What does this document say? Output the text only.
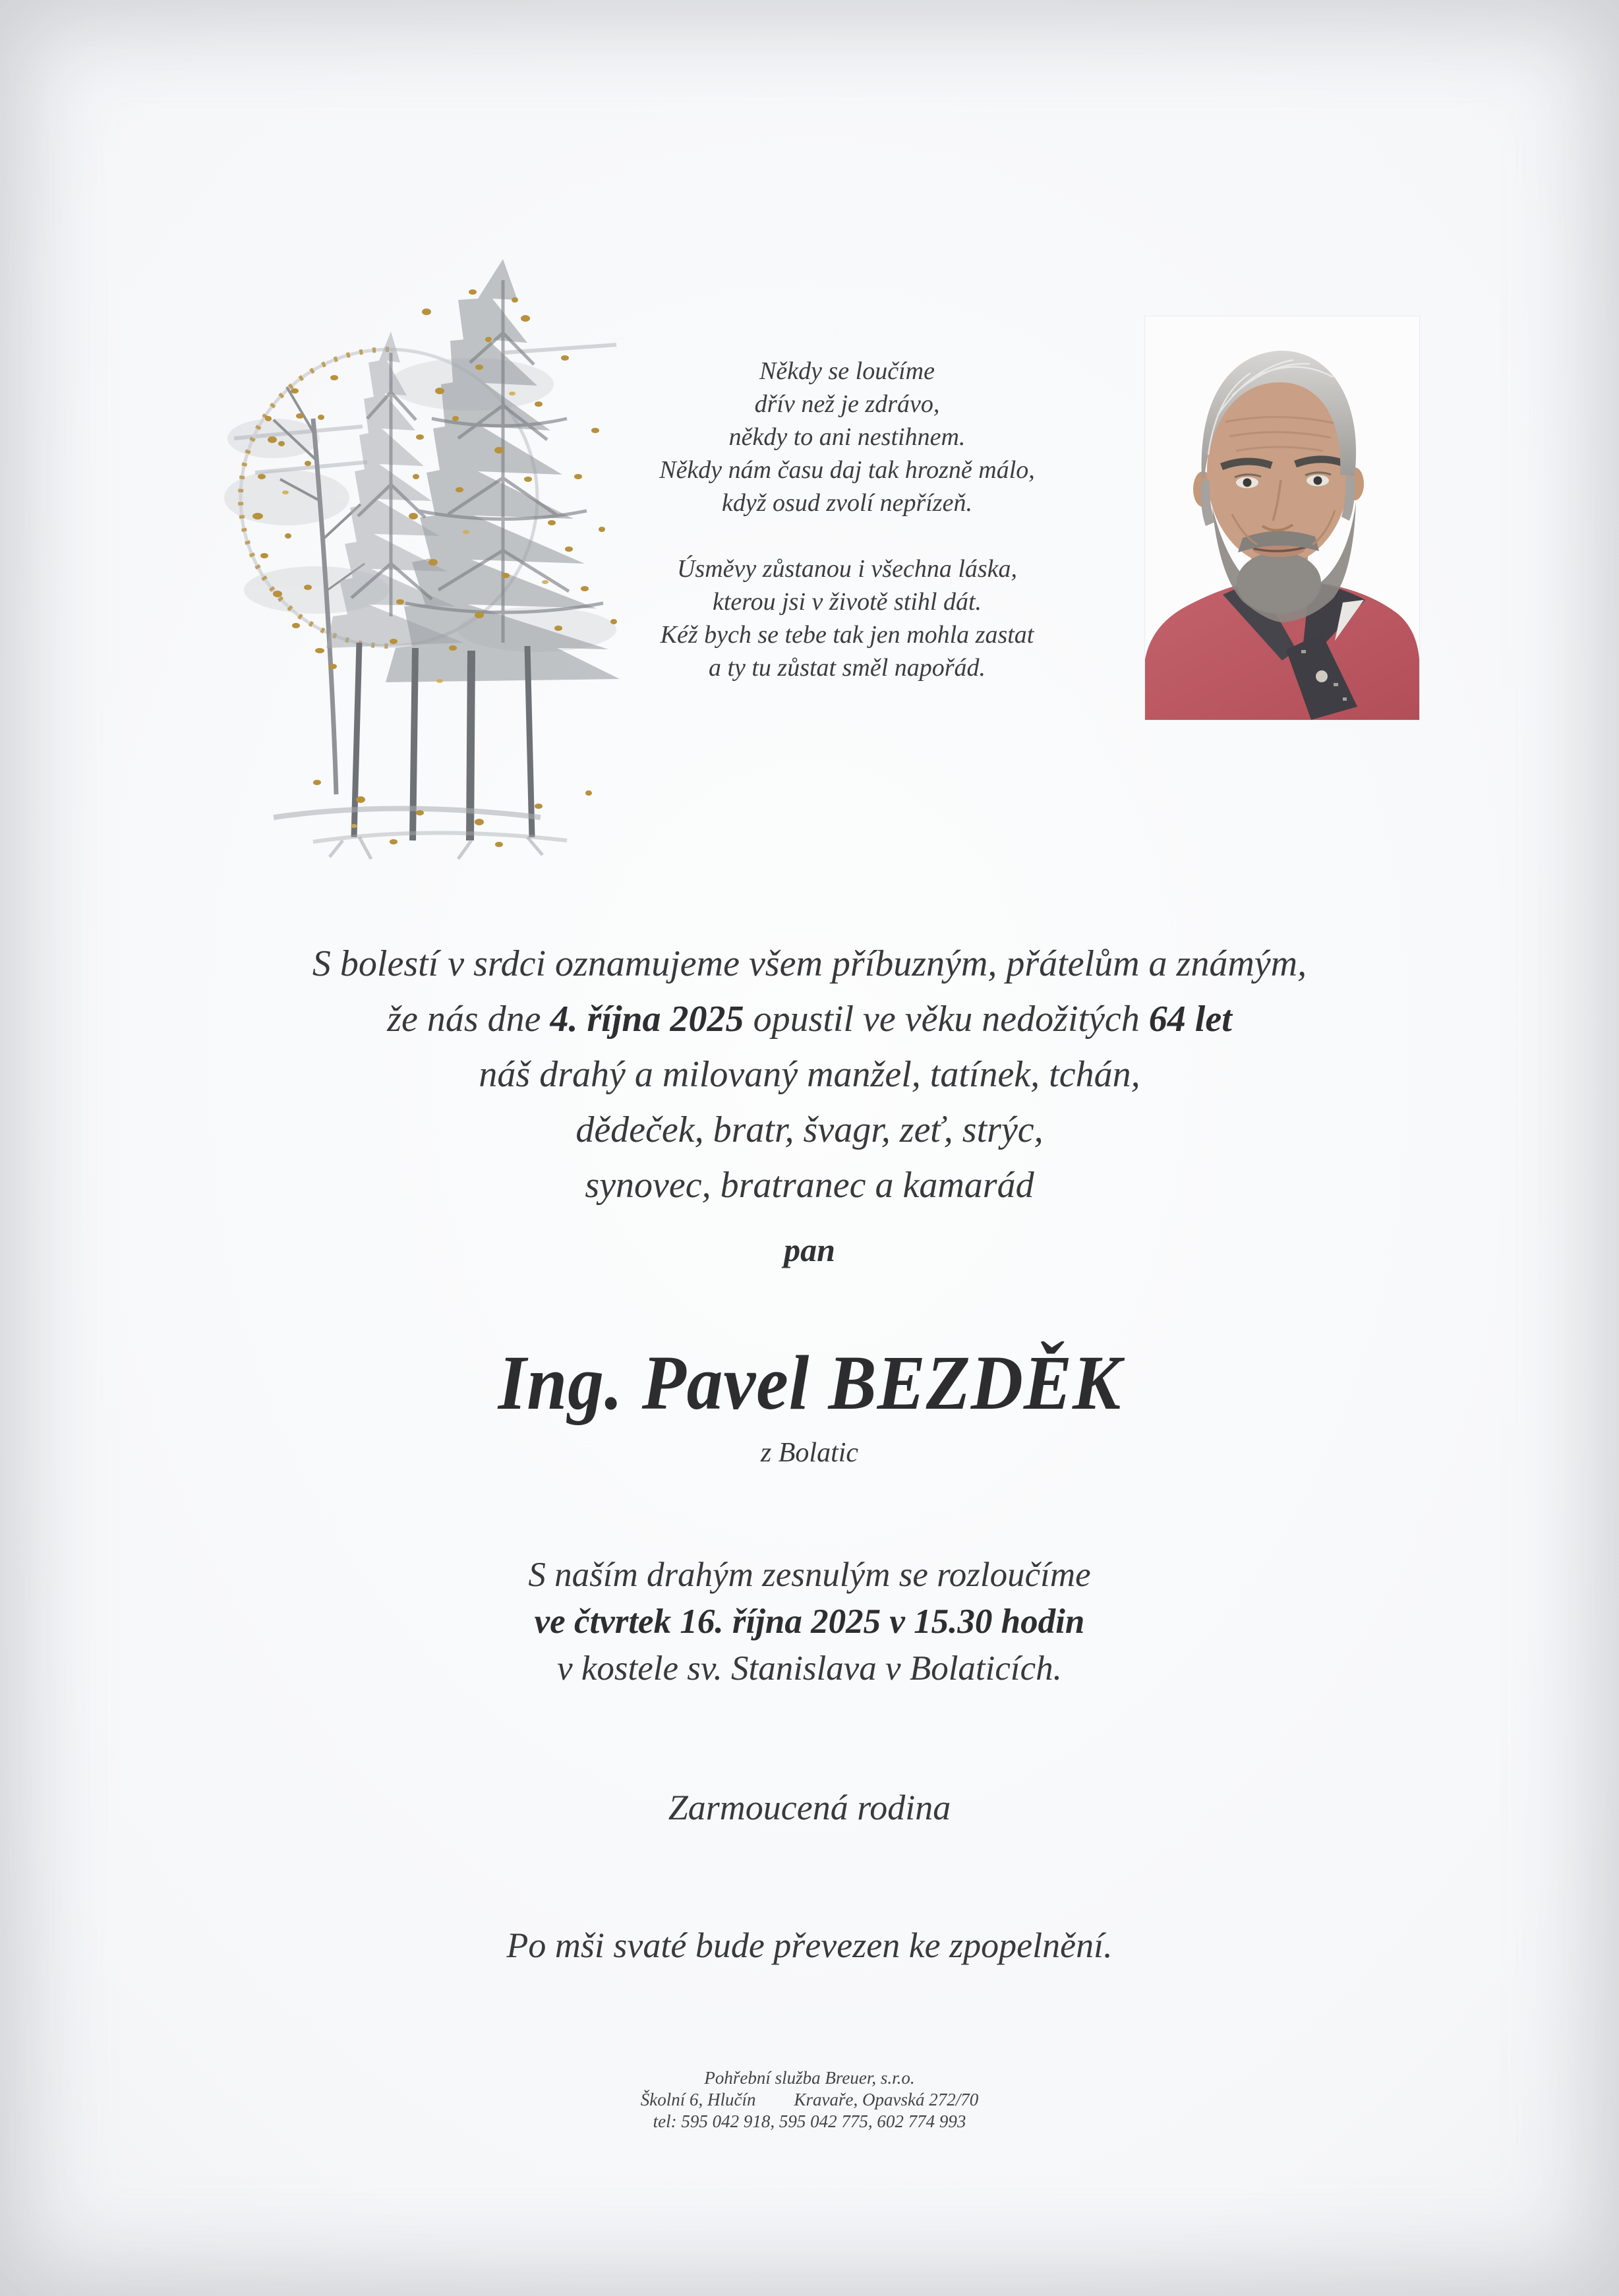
Někdy se loučíme

dřív než je zdrávo,

někdy to ani nestihnem.

Někdy nám času daj tak hrozně málo,

když osud zvolí nepřízeň.

Úsměvy zůstanou i všechna láska,

kterou jsi v životě stihl dát.

Kéž bych se tebe tak jen mohla zastat

a ty tu zůstat směl napořád.

S bolestí v srdci oznamujeme všem příbuzným, přátelům a známým,

že nás dne 4. října 2025 opustil ve věku nedožitých 64 let

náš drahý a milovaný manžel, tatínek, tchán,

dědeček, bratr, švagr, zeť, strýc,

synovec, bratranec a kamarád

pan
Ing. Pavel BEZDĚK
z Bolatic

S naším drahým zesnulým se rozloučíme

ve čtvrtek 16. října 2025 v 15.30 hodin

v kostele sv. Stanislava v Bolaticích.

Zarmoucená rodina
Po mši svaté bude převezen ke zpopelnění.

Pohřební služba Breuer, s.r.o.

Školní 6, Hlučín Kravaře, Opavská 272/70

tel: 595 042 918, 595 042 775, 602 774 993
